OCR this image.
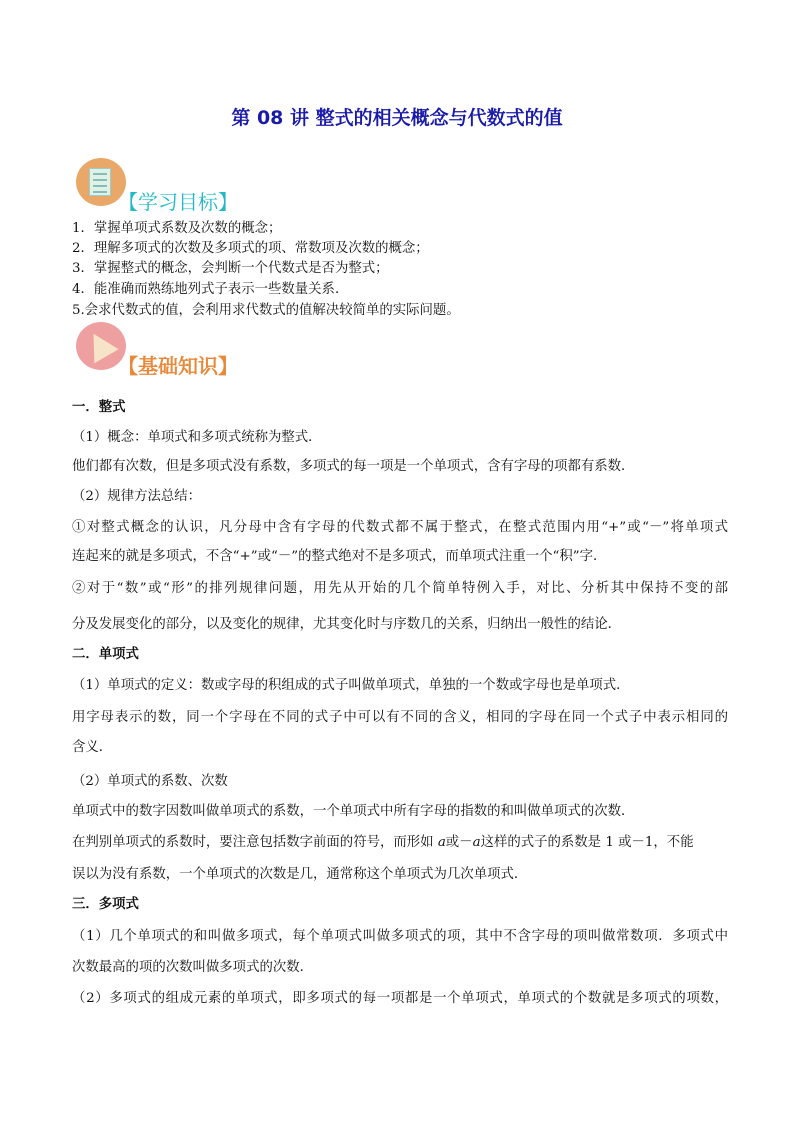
第 08 讲 整式的相关概念与代数式的值
【学习目标】
1．掌握单项式系数及次数的概念；
2．理解多项式的次数及多项式的项、常数项及次数的概念；
3．掌握整式的概念，会判断一个代数式是否为整式；
4．能准确而熟练地列式子表示一些数量关系．
5.会求代数式的值，会利用求代数式的值解决较简单的实际问题。
【基础知识】
一．整式
（1）概念：单项式和多项式统称为整式．
他们都有次数，但是多项式没有系数，多项式的每一项是一个单项式，含有字母的项都有系数．
（2）规律方法总结：
①对整式概念的认识，凡分母中含有字母的代数式都不属于整式，在整式范围内用“+”或“－”将单项式
连起来的就是多项式，不含“+”或“－”的整式绝对不是多项式，而单项式注重一个“积”字．
②对于“数”或“形”的排列规律问题，用先从开始的几个简单特例入手，对比、分析其中保持不变的部
分及发展变化的部分，以及变化的规律，尤其变化时与序数几的关系，归纳出一般性的结论．
二．单项式
（1）单项式的定义：数或字母的积组成的式子叫做单项式，单独的一个数或字母也是单项式．
用字母表示的数，同一个字母在不同的式子中可以有不同的含义，相同的字母在同一个式子中表示相同的
含义．
（2）单项式的系数、次数
单项式中的数字因数叫做单项式的系数，一个单项式中所有字母的指数的和叫做单项式的次数．
在判别单项式的系数时，要注意包括数字前面的符号，而形如 a或－a这样的式子的系数是 1 或－1，不能
误以为没有系数，一个单项式的次数是几，通常称这个单项式为几次单项式．
三．多项式
（1）几个单项式的和叫做多项式，每个单项式叫做多项式的项，其中不含字母的项叫做常数项．多项式中
次数最高的项的次数叫做多项式的次数．
（2）多项式的组成元素的单项式，即多项式的每一项都是一个单项式，单项式的个数就是多项式的项数，
